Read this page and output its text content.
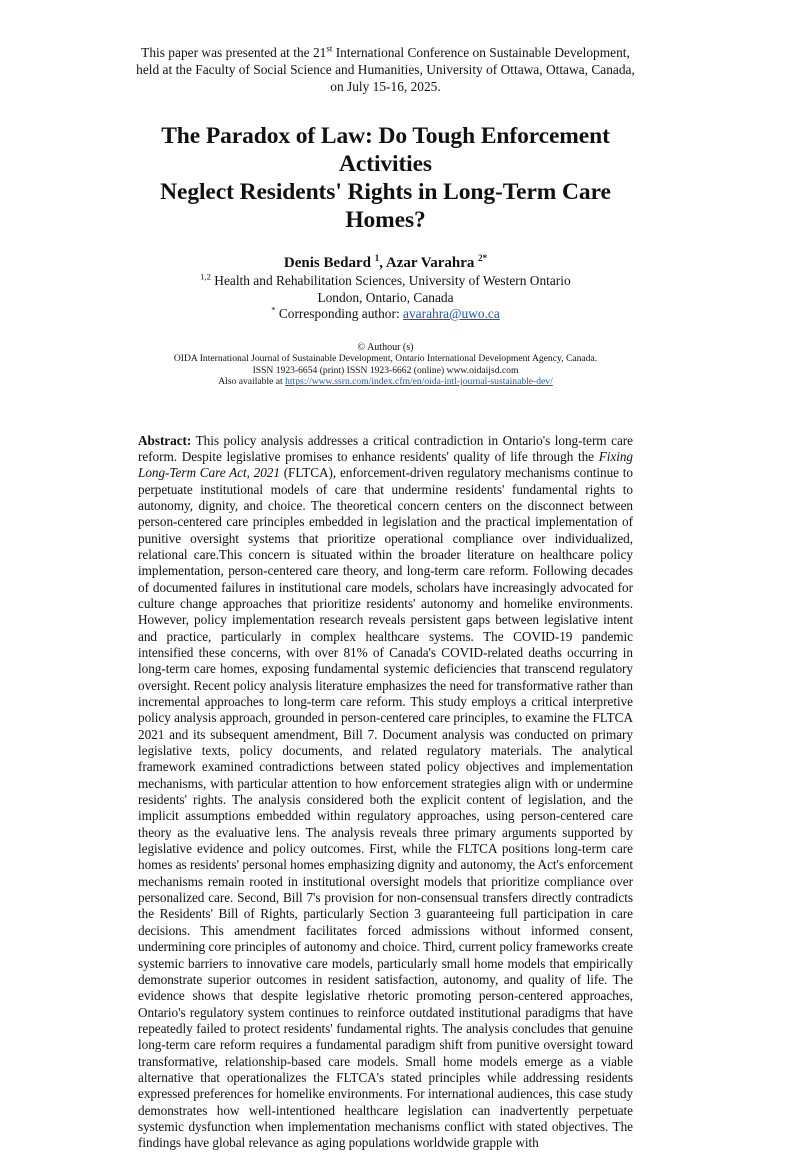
This paper was presented at the 21st International Conference on Sustainable Development, held at the Faculty of Social Science and Humanities, University of Ottawa, Ottawa, Canada, on July 15-16, 2025.
The Paradox of Law: Do Tough Enforcement Activities
Neglect Residents' Rights in Long-Term Care Homes?
Denis Bedard $^1$, Azar Varahra $^{2*}$
$^{1,2}$ Health and Rehabilitation Sciences, University of Western Ontario
London, Ontario, Canada
* Corresponding author: avarahra@uwo.ca
© Authour (s)
OIDA International Journal of Sustainable Development, Ontario International Development Agency, Canada.
ISSN 1923-6654 (print) ISSN 1923-6662 (online) www.oidaijsd.com
Also available at https://www.ssrn.com/index.cfm/en/oida-intl-journal-sustainable-dev/
Abstract: This policy analysis addresses a critical contradiction in Ontario's long-term care reform. Despite legislative promises to enhance residents' quality of life through the Fixing Long-Term Care Act, 2021 (FLTCA), enforcement-driven regulatory mechanisms continue to perpetuate institutional models of care that undermine residents' fundamental rights to autonomy, dignity, and choice. The theoretical concern centers on the disconnect between person-centered care principles embedded in legislation and the practical implementation of punitive oversight systems that prioritize operational compliance over individualized, relational care.This concern is situated within the broader literature on healthcare policy implementation, person-centered care theory, and long-term care reform. Following decades of documented failures in institutional care models, scholars have increasingly advocated for culture change approaches that prioritize residents' autonomy and homelike environments. However, policy implementation research reveals persistent gaps between legislative intent and practice, particularly in complex healthcare systems. The COVID-19 pandemic intensified these concerns, with over 81% of Canada's COVID-related deaths occurring in long-term care homes, exposing fundamental systemic deficiencies that transcend regulatory oversight. Recent policy analysis literature emphasizes the need for transformative rather than incremental approaches to long-term care reform. This study employs a critical interpretive policy analysis approach, grounded in person-centered care principles, to examine the FLTCA 2021 and its subsequent amendment, Bill 7. Document analysis was conducted on primary legislative texts, policy documents, and related regulatory materials. The analytical framework examined contradictions between stated policy objectives and implementation mechanisms, with particular attention to how enforcement strategies align with or undermine residents' rights. The analysis considered both the explicit content of legislation, and the implicit assumptions embedded within regulatory approaches, using person-centered care theory as the evaluative lens. The analysis reveals three primary arguments supported by legislative evidence and policy outcomes. First, while the FLTCA positions long-term care homes as residents' personal homes emphasizing dignity and autonomy, the Act's enforcement mechanisms remain rooted in institutional oversight models that prioritize compliance over personalized care. Second, Bill 7's provision for non-consensual transfers directly contradicts the Residents' Bill of Rights, particularly Section 3 guaranteeing full participation in care decisions. This amendment facilitates forced admissions without informed consent, undermining core principles of autonomy and choice. Third, current policy frameworks create systemic barriers to innovative care models, particularly small home models that empirically demonstrate superior outcomes in resident satisfaction, autonomy, and quality of life. The evidence shows that despite legislative rhetoric promoting person-centered approaches, Ontario's regulatory system continues to reinforce outdated institutional paradigms that have repeatedly failed to protect residents' fundamental rights. The analysis concludes that genuine long-term care reform requires a fundamental paradigm shift from punitive oversight toward transformative, relationship-based care models. Small home models emerge as a viable alternative that operationalizes the FLTCA's stated principles while addressing residents expressed preferences for homelike environments. For international audiences, this case study demonstrates how well-intentioned healthcare legislation can inadvertently perpetuate systemic dysfunction when implementation mechanisms conflict with stated objectives. The findings have global relevance as aging populations worldwide grapple with
